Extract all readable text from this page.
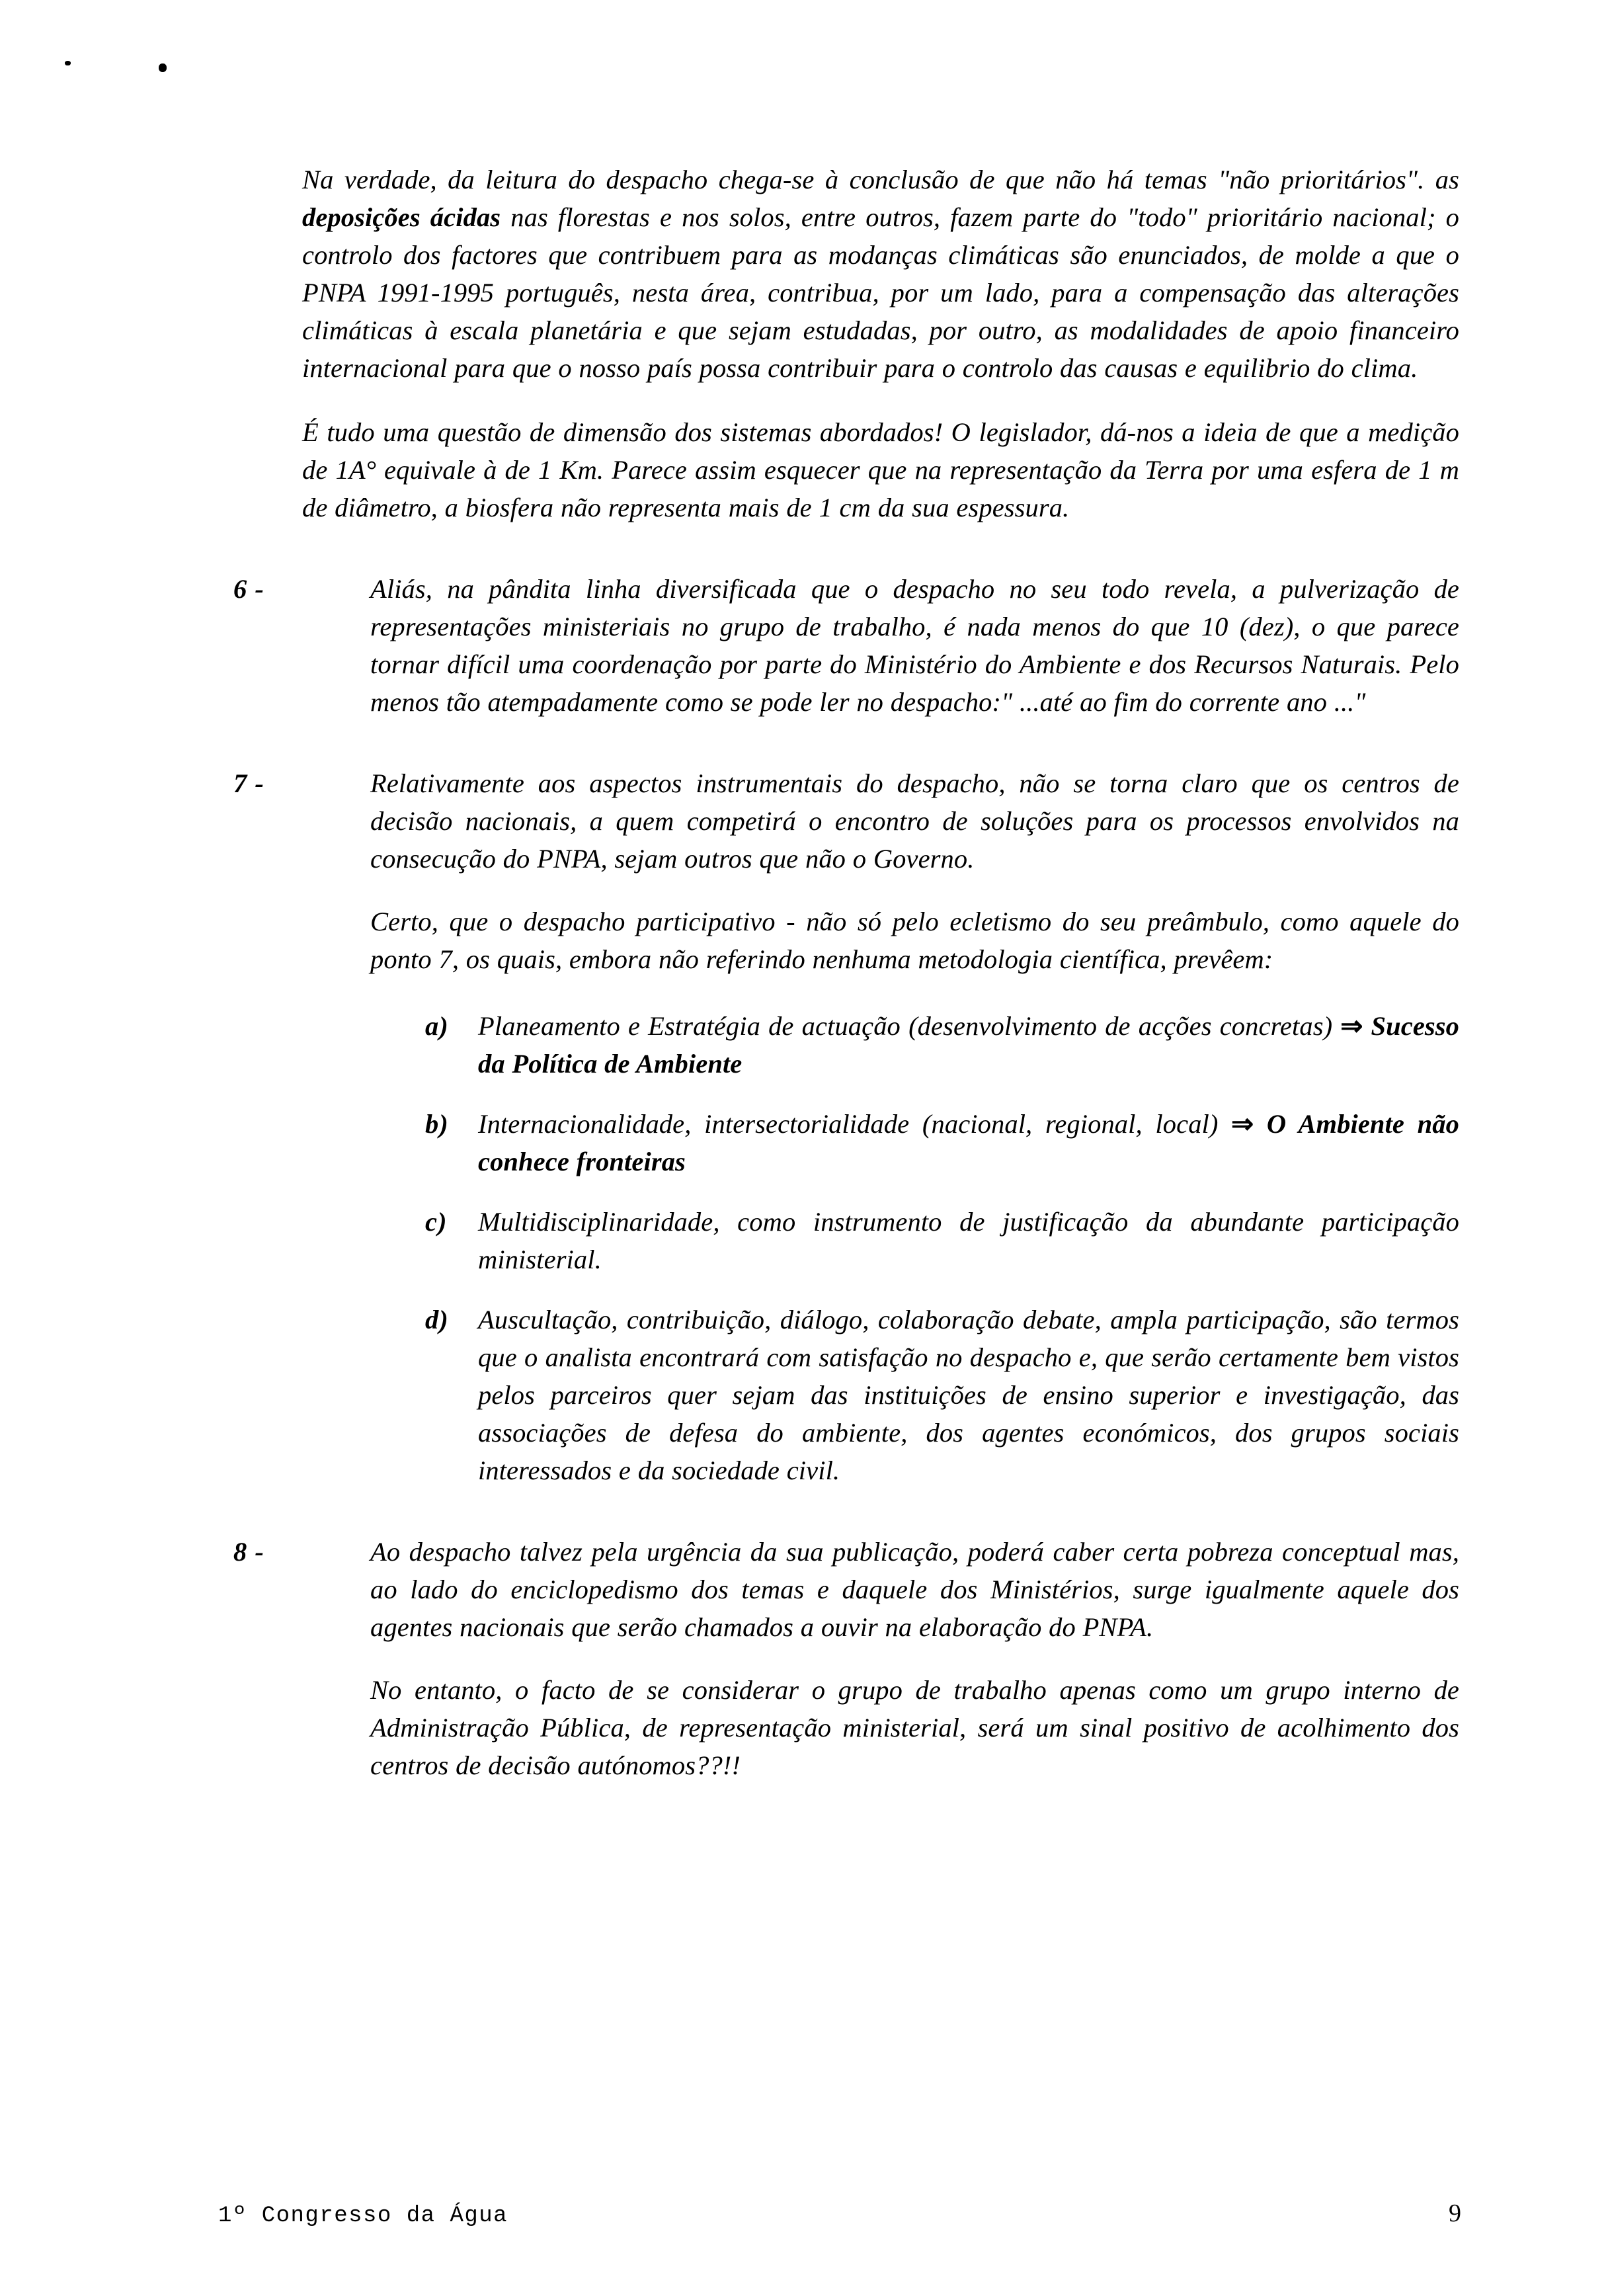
Na verdade, da leitura do despacho chega-se à conclusão de que não há temas "não prioritários". as deposições ácidas nas florestas e nos solos, entre outros, fazem parte do "todo" prioritário nacional; o controlo dos factores que contribuem para as modanças climáticas são enunciados, de molde a que o PNPA 1991-1995 português, nesta área, contribua, por um lado, para a compensação das alterações climáticas à escala planetária e que sejam estudadas, por outro, as modalidades de apoio financeiro internacional para que o nosso país possa contribuir para o controlo das causas e equilibrio do clima.

É tudo uma questão de dimensão dos sistemas abordados! O legislador, dá-nos a ideia de que a medição de 1A° equivale à de 1 Km. Parece assim esquecer que na representação da Terra por uma esfera de 1 m de diâmetro, a biosfera não representa mais de 1 cm da sua espessura.

6 -	Aliás, na pândita linha diversificada que o despacho no seu todo revela, a pulverização de representações ministeriais no grupo de trabalho, é nada menos do que 10 (dez), o que parece tornar difícil uma coordenação por parte do Ministério do Ambiente e dos Recursos Naturais. Pelo menos tão atempadamente como se pode ler no despacho:" ...até ao fim do corrente ano ..."

7 -	Relativamente aos aspectos instrumentais do despacho, não se torna claro que os centros de decisão nacionais, a quem competirá o encontro de soluções para os processos envolvidos na consecução do PNPA, sejam outros que não o Governo.

Certo, que o despacho participativo - não só pelo ecletismo do seu preâmbulo, como aquele do ponto 7, os quais, embora não referindo nenhuma metodologia científica, prevêem:

a)	Planeamento e Estratégia de actuação (desenvolvimento de acções concretas) ⇒ Sucesso da Política de Ambiente

b)	Internacionalidade, intersectorialidade (nacional, regional, local) ⇒ O Ambiente não conhece fronteiras

c)	Multidisciplinaridade, como instrumento de justificação da abundante participação ministerial.

d)	Auscultação, contribuição, diálogo, colaboração debate, ampla participação, são termos que o analista encontrará com satisfação no despacho e, que serão certamente bem vistos pelos parceiros quer sejam das instituições de ensino superior e investigação, das associações de defesa do ambiente, dos agentes económicos, dos grupos sociais interessados e da sociedade civil.

8 -	Ao despacho talvez pela urgência da sua publicação, poderá caber certa pobreza conceptual mas, ao lado do enciclopedismo dos temas e daquele dos Ministérios, surge igualmente aquele dos agentes nacionais que serão chamados a ouvir na elaboração do PNPA.

No entanto, o facto de se considerar o grupo de trabalho apenas como um grupo interno de Administração Pública, de representação ministerial, será um sinal positivo de acolhimento dos centros de decisão autónomos??!!

1º Congresso da Água	9
